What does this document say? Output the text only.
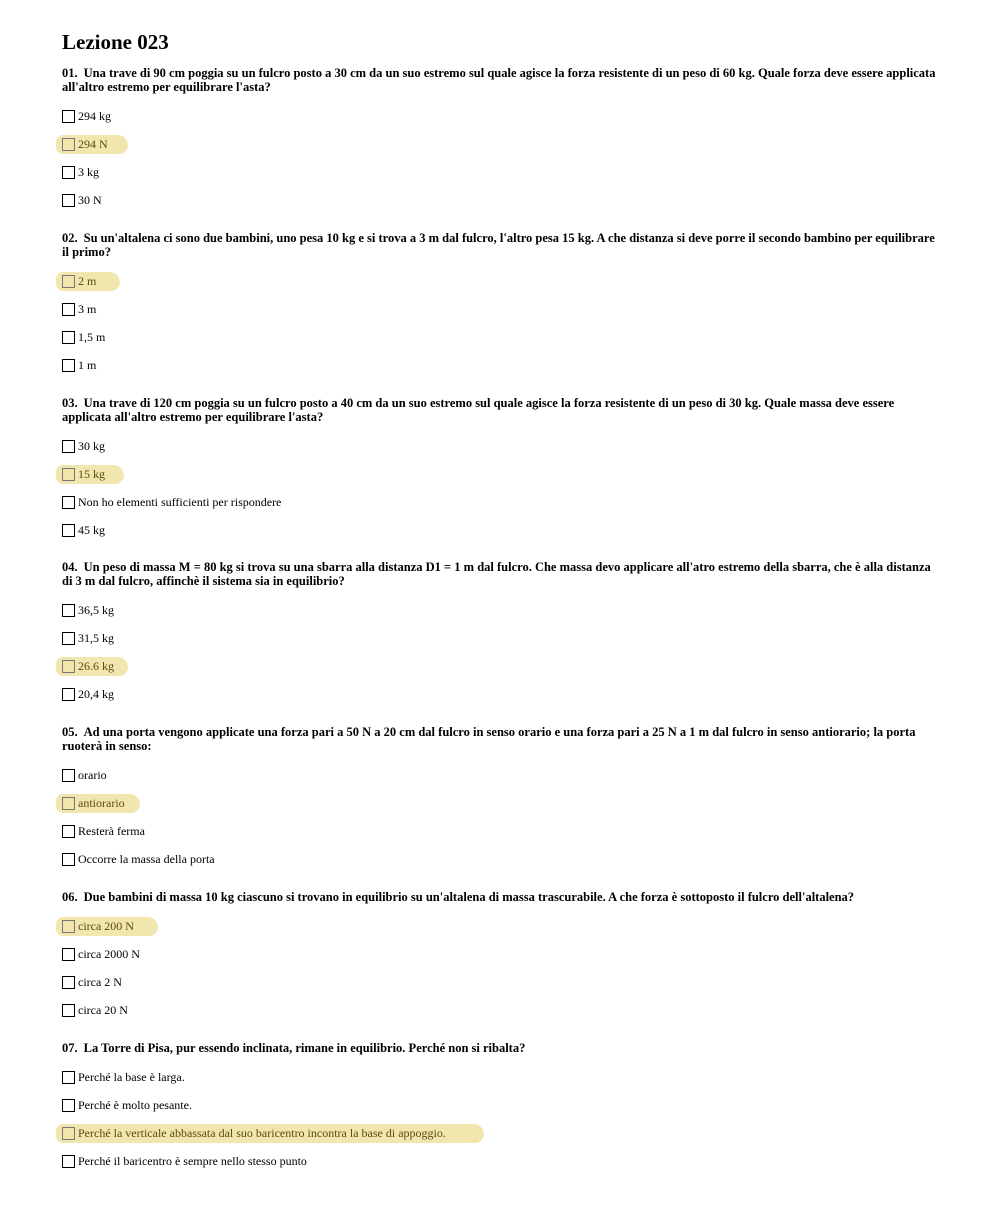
Lezione 023

01. Una trave di 90 cm poggia su un fulcro posto a 30 cm da un suo estremo sul quale agisce la forza resistente di un peso di 60 kg. Quale forza deve essere applicata all'altro estremo per equilibrare l'asta?

294 kg
294 N
3 kg
30 N

02. Su un'altalena ci sono due bambini, uno pesa 10 kg e si trova a 3 m dal fulcro, l'altro pesa 15 kg. A che distanza si deve porre il secondo bambino per equilibrare il primo?

2 m
3 m
1,5 m
1 m

03. Una trave di 120 cm poggia su un fulcro posto a 40 cm da un suo estremo sul quale agisce la forza resistente di un peso di 30 kg. Quale massa deve essere applicata all'altro estremo per equilibrare l'asta?

30 kg
15 kg
Non ho elementi sufficienti per rispondere
45 kg

04. Un peso di massa M = 80 kg si trova su una sbarra alla distanza D1 = 1 m dal fulcro. Che massa devo applicare all'atro estremo della sbarra, che è alla distanza di 3 m dal fulcro, affinchè il sistema sia in equilibrio?

36,5 kg
31,5 kg
26.6 kg
20,4 kg

05. Ad una porta vengono applicate una forza pari a 50 N a 20 cm dal fulcro in senso orario e una forza pari a 25 N a 1 m dal fulcro in senso antiorario; la porta ruoterà in senso:

orario
antiorario
Resterà ferma
Occorre la massa della porta

06. Due bambini di massa 10 kg ciascuno si trovano in equilibrio su un'altalena di massa trascurabile. A che forza è sottoposto il fulcro dell'altalena?

circa 200 N
circa 2000 N
circa 2 N
circa 20 N

07. La Torre di Pisa, pur essendo inclinata, rimane in equilibrio. Perché non si ribalta?

Perché la base è larga.
Perché è molto pesante.
Perché la verticale abbassata dal suo baricentro incontra la base di appoggio.
Perché il baricentro è sempre nello stesso punto
